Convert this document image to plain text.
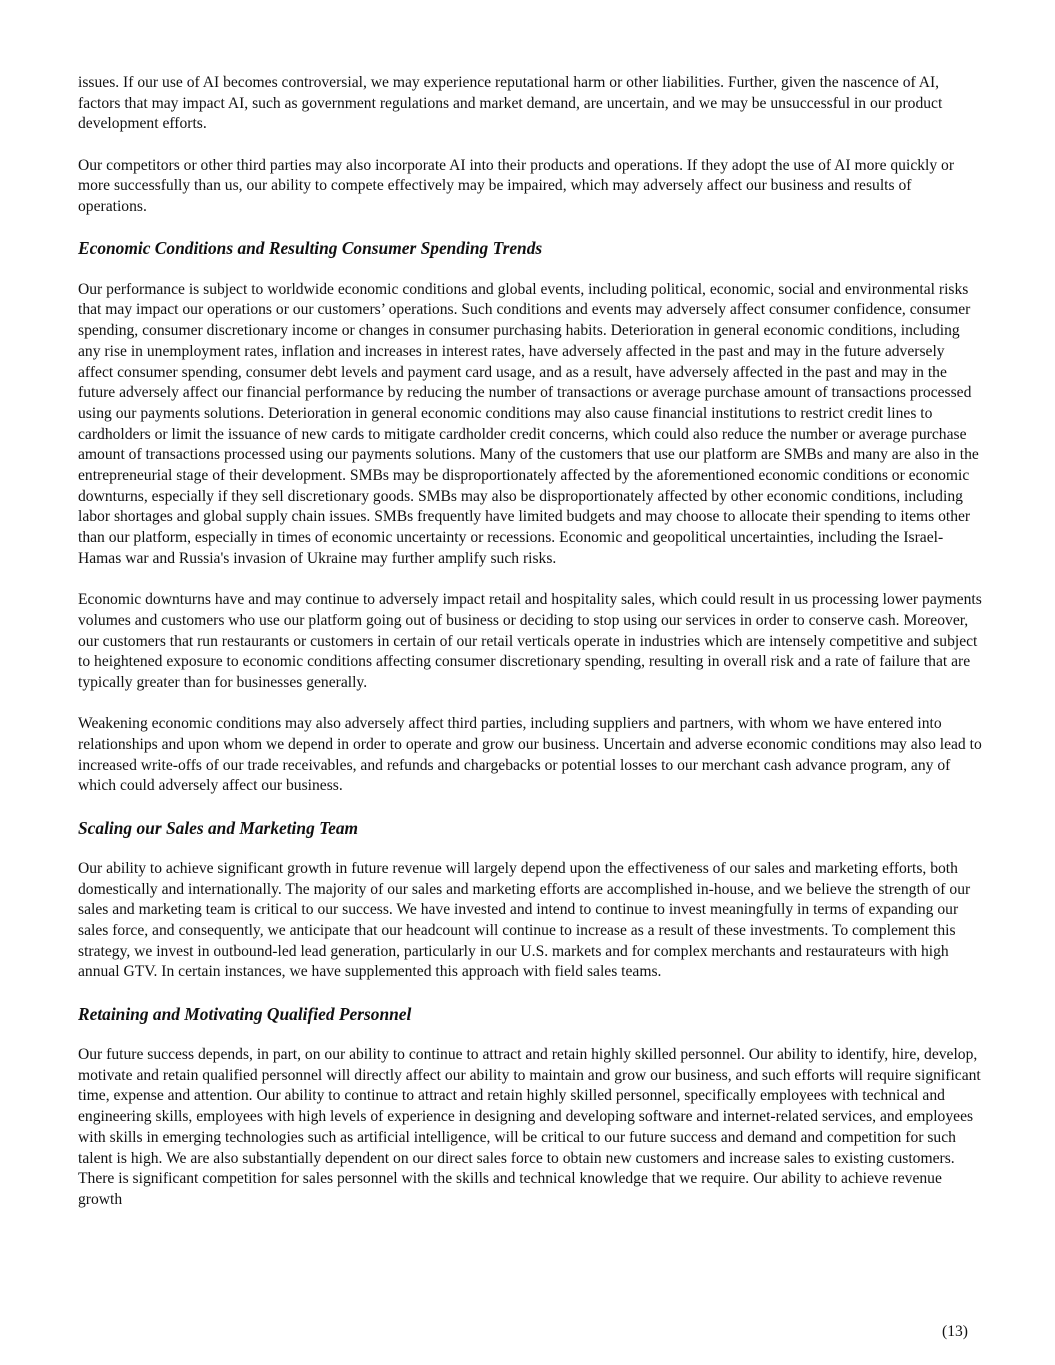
issues. If our use of AI becomes controversial, we may experience reputational harm or other liabilities. Further, given the nascence of AI, factors that may impact AI, such as government regulations and market demand, are uncertain, and we may be unsuccessful in our product development efforts.

Our competitors or other third parties may also incorporate AI into their products and operations. If they adopt the use of AI more quickly or more successfully than us, our ability to compete effectively may be impaired, which may adversely affect our business and results of operations.

Economic Conditions and Resulting Consumer Spending Trends

Our performance is subject to worldwide economic conditions and global events, including political, economic, social and environmental risks that may impact our operations or our customers’ operations. Such conditions and events may adversely affect consumer confidence, consumer spending, consumer discretionary income or changes in consumer purchasing habits. Deterioration in general economic conditions, including any rise in unemployment rates, inflation and increases in interest rates, have adversely affected in the past and may in the future adversely affect consumer spending, consumer debt levels and payment card usage, and as a result, have adversely affected in the past and may in the future adversely affect our financial performance by reducing the number of transactions or average purchase amount of transactions processed using our payments solutions. Deterioration in general economic conditions may also cause financial institutions to restrict credit lines to cardholders or limit the issuance of new cards to mitigate cardholder credit concerns, which could also reduce the number or average purchase amount of transactions processed using our payments solutions. Many of the customers that use our platform are SMBs and many are also in the entrepreneurial stage of their development. SMBs may be disproportionately affected by the aforementioned economic conditions or economic downturns, especially if they sell discretionary goods. SMBs may also be disproportionately affected by other economic conditions, including labor shortages and global supply chain issues. SMBs frequently have limited budgets and may choose to allocate their spending to items other than our platform, especially in times of economic uncertainty or recessions. Economic and geopolitical uncertainties, including the Israel-Hamas war and Russia's invasion of Ukraine may further amplify such risks.

Economic downturns have and may continue to adversely impact retail and hospitality sales, which could result in us processing lower payments volumes and customers who use our platform going out of business or deciding to stop using our services in order to conserve cash. Moreover, our customers that run restaurants or customers in certain of our retail verticals operate in industries which are intensely competitive and subject to heightened exposure to economic conditions affecting consumer discretionary spending, resulting in overall risk and a rate of failure that are typically greater than for businesses generally.

Weakening economic conditions may also adversely affect third parties, including suppliers and partners, with whom we have entered into relationships and upon whom we depend in order to operate and grow our business. Uncertain and adverse economic conditions may also lead to increased write-offs of our trade receivables, and refunds and chargebacks or potential losses to our merchant cash advance program, any of which could adversely affect our business.

Scaling our Sales and Marketing Team

Our ability to achieve significant growth in future revenue will largely depend upon the effectiveness of our sales and marketing efforts, both domestically and internationally. The majority of our sales and marketing efforts are accomplished in-house, and we believe the strength of our sales and marketing team is critical to our success. We have invested and intend to continue to invest meaningfully in terms of expanding our sales force, and consequently, we anticipate that our headcount will continue to increase as a result of these investments. To complement this strategy, we invest in outbound-led lead generation, particularly in our U.S. markets and for complex merchants and restaurateurs with high annual GTV. In certain instances, we have supplemented this approach with field sales teams.

Retaining and Motivating Qualified Personnel

Our future success depends, in part, on our ability to continue to attract and retain highly skilled personnel. Our ability to identify, hire, develop, motivate and retain qualified personnel will directly affect our ability to maintain and grow our business, and such efforts will require significant time, expense and attention. Our ability to continue to attract and retain highly skilled personnel, specifically employees with technical and engineering skills, employees with high levels of experience in designing and developing software and internet-related services, and employees with skills in emerging technologies such as artificial intelligence, will be critical to our future success and demand and competition for such talent is high. We are also substantially dependent on our direct sales force to obtain new customers and increase sales to existing customers. There is significant competition for sales personnel with the skills and technical knowledge that we require. Our ability to achieve revenue growth

(13)
